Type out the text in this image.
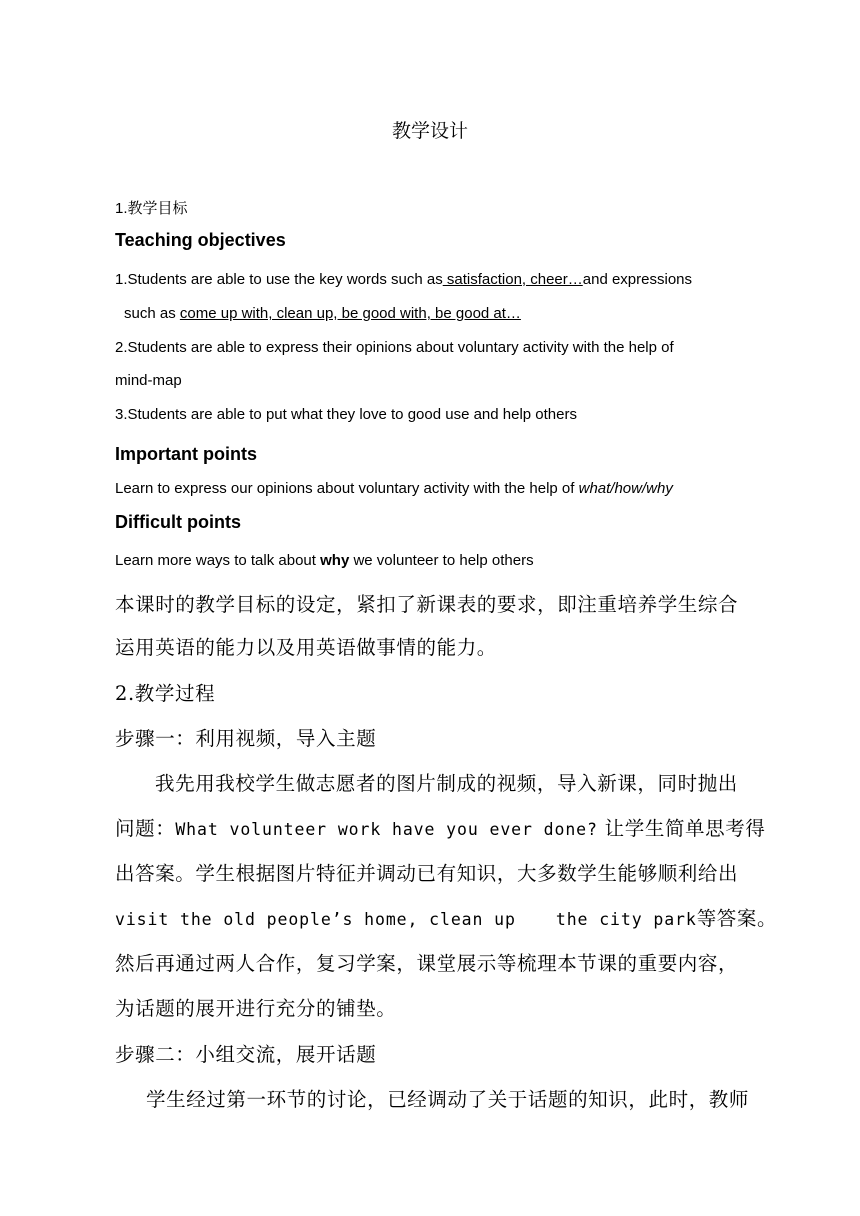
教学设计
1.教学目标
Teaching objectives
1.Students are able to use the key words such as satisfaction, cheer…and expressions
such as come up with, clean up, be good with, be good at…
2.Students are able to express their opinions about voluntary activity with the help of
mind-map
3.Students are able to put what they love to good use and help others
Important points
Learn to express our opinions about voluntary activity with the help of what/how/why
Difficult points
Learn more ways to talk about why we volunteer to help others
本课时的教学目标的设定，紧扣了新课表的要求，即注重培养学生综合
运用英语的能力以及用英语做事情的能力。
2.教学过程
步骤一：利用视频，导入主题
我先用我校学生做志愿者的图片制成的视频，导入新课，同时抛出
问题：What volunteer work have you ever done? 让学生简单思考得
出答案。学生根据图片特征并调动已有知识，大多数学生能够顺利给出
visit the old people’s home, clean up the city park等答案。
然后再通过两人合作，复习学案，课堂展示等梳理本节课的重要内容，
为话题的展开进行充分的铺垫。
步骤二：小组交流，展开话题
学生经过第一环节的讨论，已经调动了关于话题的知识，此时，教师
